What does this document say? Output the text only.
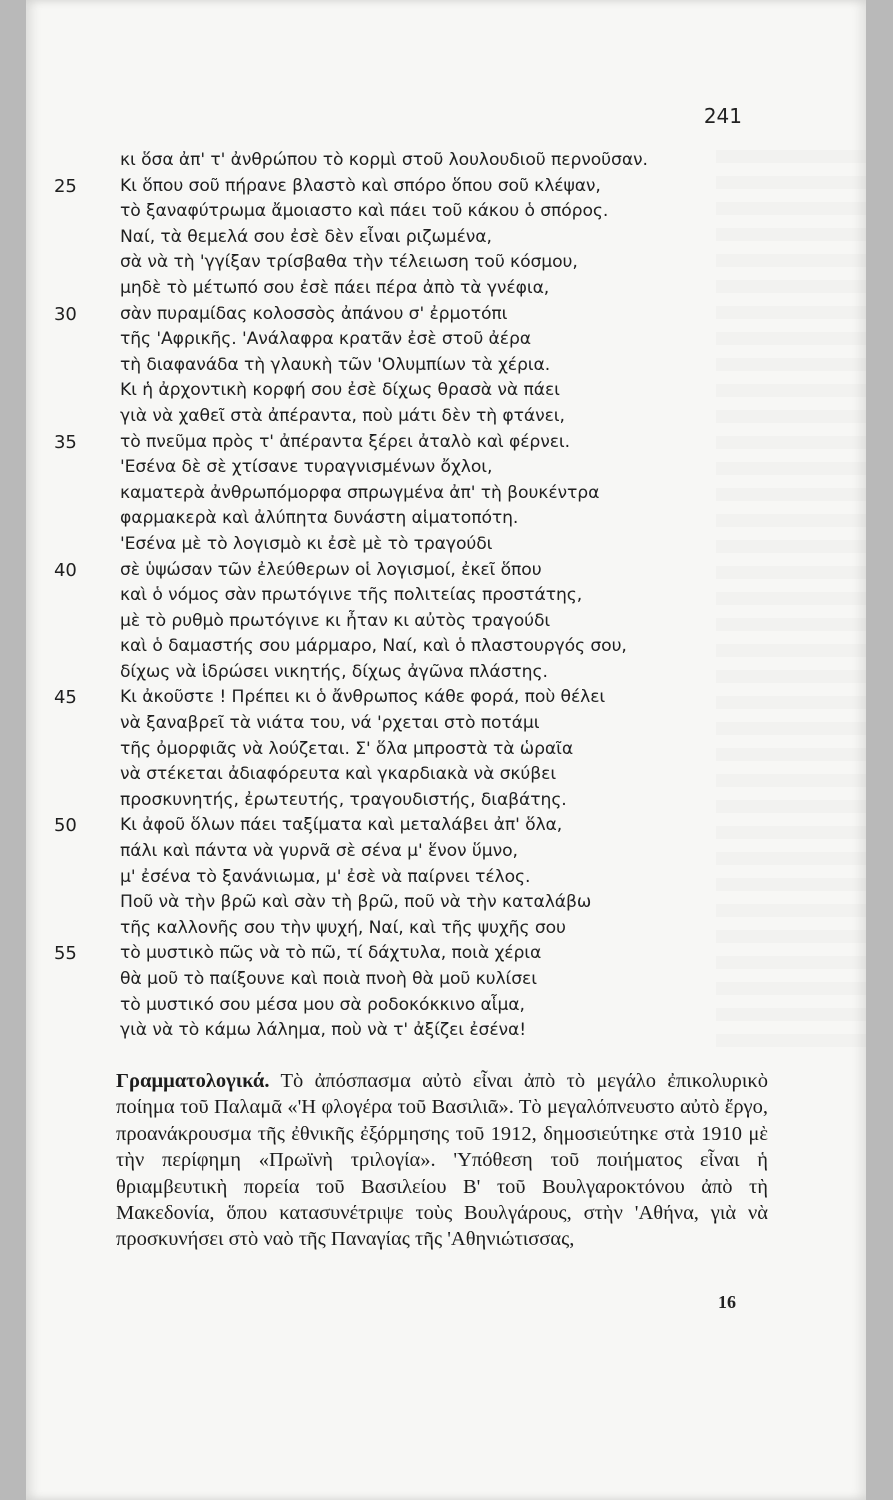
241
κι ὅσα ἀπ' τ' ἀνθρώπου τὸ κορμὶ στοῦ λουλουδιοῦ περνοῦσαν.
25	Κι ὅπου σοῦ πήρανε βλαστὸ καὶ σπόρο ὅπου σοῦ κλέψαν,
τὸ ξαναφύτρωμα ἄμοιαστο καὶ πάει τοῦ κάκου ὁ σπόρος.
Ναί, τὰ θεμελά σου ἐσὲ δὲν εἶναι ριζωμένα,
σὰ νὰ τὴ 'γγίξαν τρίσβαθα τὴν τέλειωση τοῦ κόσμου,
μηδὲ τὸ μέτωπό σου ἐσὲ πάει πέρα ἀπὸ τὰ γνέφια,
30	σὰν πυραμίδας κολοσσὸς ἀπάνου σ' ἐρμοτόπι
τῆς 'Αφρικῆς. 'Ανάλαφρα κρατᾶν ἐσὲ στοῦ ἀέρα
τὴ διαφανάδα τὴ γλαυκὴ τῶν 'Ολυμπίων τὰ χέρια.
Κι ἡ ἀρχοντικὴ κορφή σου ἐσὲ δίχως θρασὰ νὰ πάει
γιὰ νὰ χαθεῖ στὰ ἀπέραντα, ποὺ μάτι δὲν τὴ φτάνει,
35	τὸ πνεῦμα πρὸς τ' ἀπέραντα ξέρει ἀταλὸ καὶ φέρνει.
'Εσένα δὲ σὲ χτίσανε τυραγνισμένων ὄχλοι,
καματερὰ ἀνθρωπόμορφα σπρωγμένα ἀπ' τὴ βουκέντρα
φαρμακερὰ καὶ ἀλύπητα δυνάστη αἱματοπότη.
'Εσένα μὲ τὸ λογισμὸ κι ἐσὲ μὲ τὸ τραγούδι
40	σὲ ὑψώσαν τῶν ἐλεύθερων οἱ λογισμοί, ἐκεῖ ὅπου
καὶ ὁ νόμος σὰν πρωτόγινε τῆς πολιτείας προστάτης,
μὲ τὸ ρυθμὸ πρωτόγινε κι ἦταν κι αὐτὸς τραγούδι
καὶ ὁ δαμαστής σου μάρμαρο, Ναί, καὶ ὁ πλαστουργός σου,
δίχως νὰ ἱδρώσει νικητής, δίχως ἀγῶνα πλάστης.
45	Κι ἀκοῦστε ! Πρέπει κι ὁ ἄνθρωπος κάθε φορά, ποὺ θέλει
νὰ ξαναβρεῖ τὰ νιάτα του, νά 'ρχεται στὸ ποτάμι
τῆς ὀμορφιᾶς νὰ λούζεται. Σ' ὅλα μπροστὰ τὰ ὡραῖα
νὰ στέκεται ἀδιαφόρευτα καὶ γκαρδιακὰ νὰ σκύβει
προσκυνητής, ἐρωτευτής, τραγουδιστής, διαβάτης.
50	Κι ἀφοῦ ὅλων πάει ταξίματα καὶ μεταλάβει ἀπ' ὅλα,
πάλι καὶ πάντα νὰ γυρνᾶ σὲ σένα μ' ἕνον ὕμνο,
μ' ἐσένα τὸ ξανάνιωμα, μ' ἐσὲ νὰ παίρνει τέλος.
Ποῦ νὰ τὴν βρῶ καὶ σὰν τὴ βρῶ, ποῦ νὰ τὴν καταλάβω
τῆς καλλονῆς σου τὴν ψυχή, Ναί, καὶ τῆς ψυχῆς σου
55	τὸ μυστικὸ πῶς νὰ τὸ πῶ, τί δάχτυλα, ποιὰ χέρια
θὰ μοῦ τὸ παίξουνε καὶ ποιὰ πνοὴ θὰ μοῦ κυλίσει
τὸ μυστικό σου μέσα μου σὰ ροδοκόκκινο αἷμα,
γιὰ νὰ τὸ κάμω λάλημα, ποὺ νὰ τ' ἀξίζει ἐσένα!
Γραμματολογικά. Τὸ ἀπόσπασμα αὐτὸ εἶναι ἀπὸ τὸ μεγάλο ἐπικολυρικὸ ποίημα τοῦ Παλαμᾶ «'Η φλογέρα τοῦ Βασιλιᾶ». Τὸ μεγαλόπνευστο αὐτὸ ἔργο, προανάκρουσμα τῆς ἐθνικῆς ἐξόρμησης τοῦ 1912, δημοσιεύτηκε στὰ 1910 μὲ τὴν περίφημη «Πρωϊνὴ τριλογία». 'Υπόθεση τοῦ ποιήματος εἶναι ἡ θριαμβευτικὴ πορεία τοῦ Βασιλείου Β' τοῦ Βουλγαροκτόνου ἀπὸ τὴ Μακεδονία, ὅπου κατασυνέτριψε τοὺς Βουλγάρους, στὴν 'Αθήνα, γιὰ νὰ προσκυνήσει στὸ ναὸ τῆς Παναγίας τῆς 'Αθηνιώτισσας,
16
